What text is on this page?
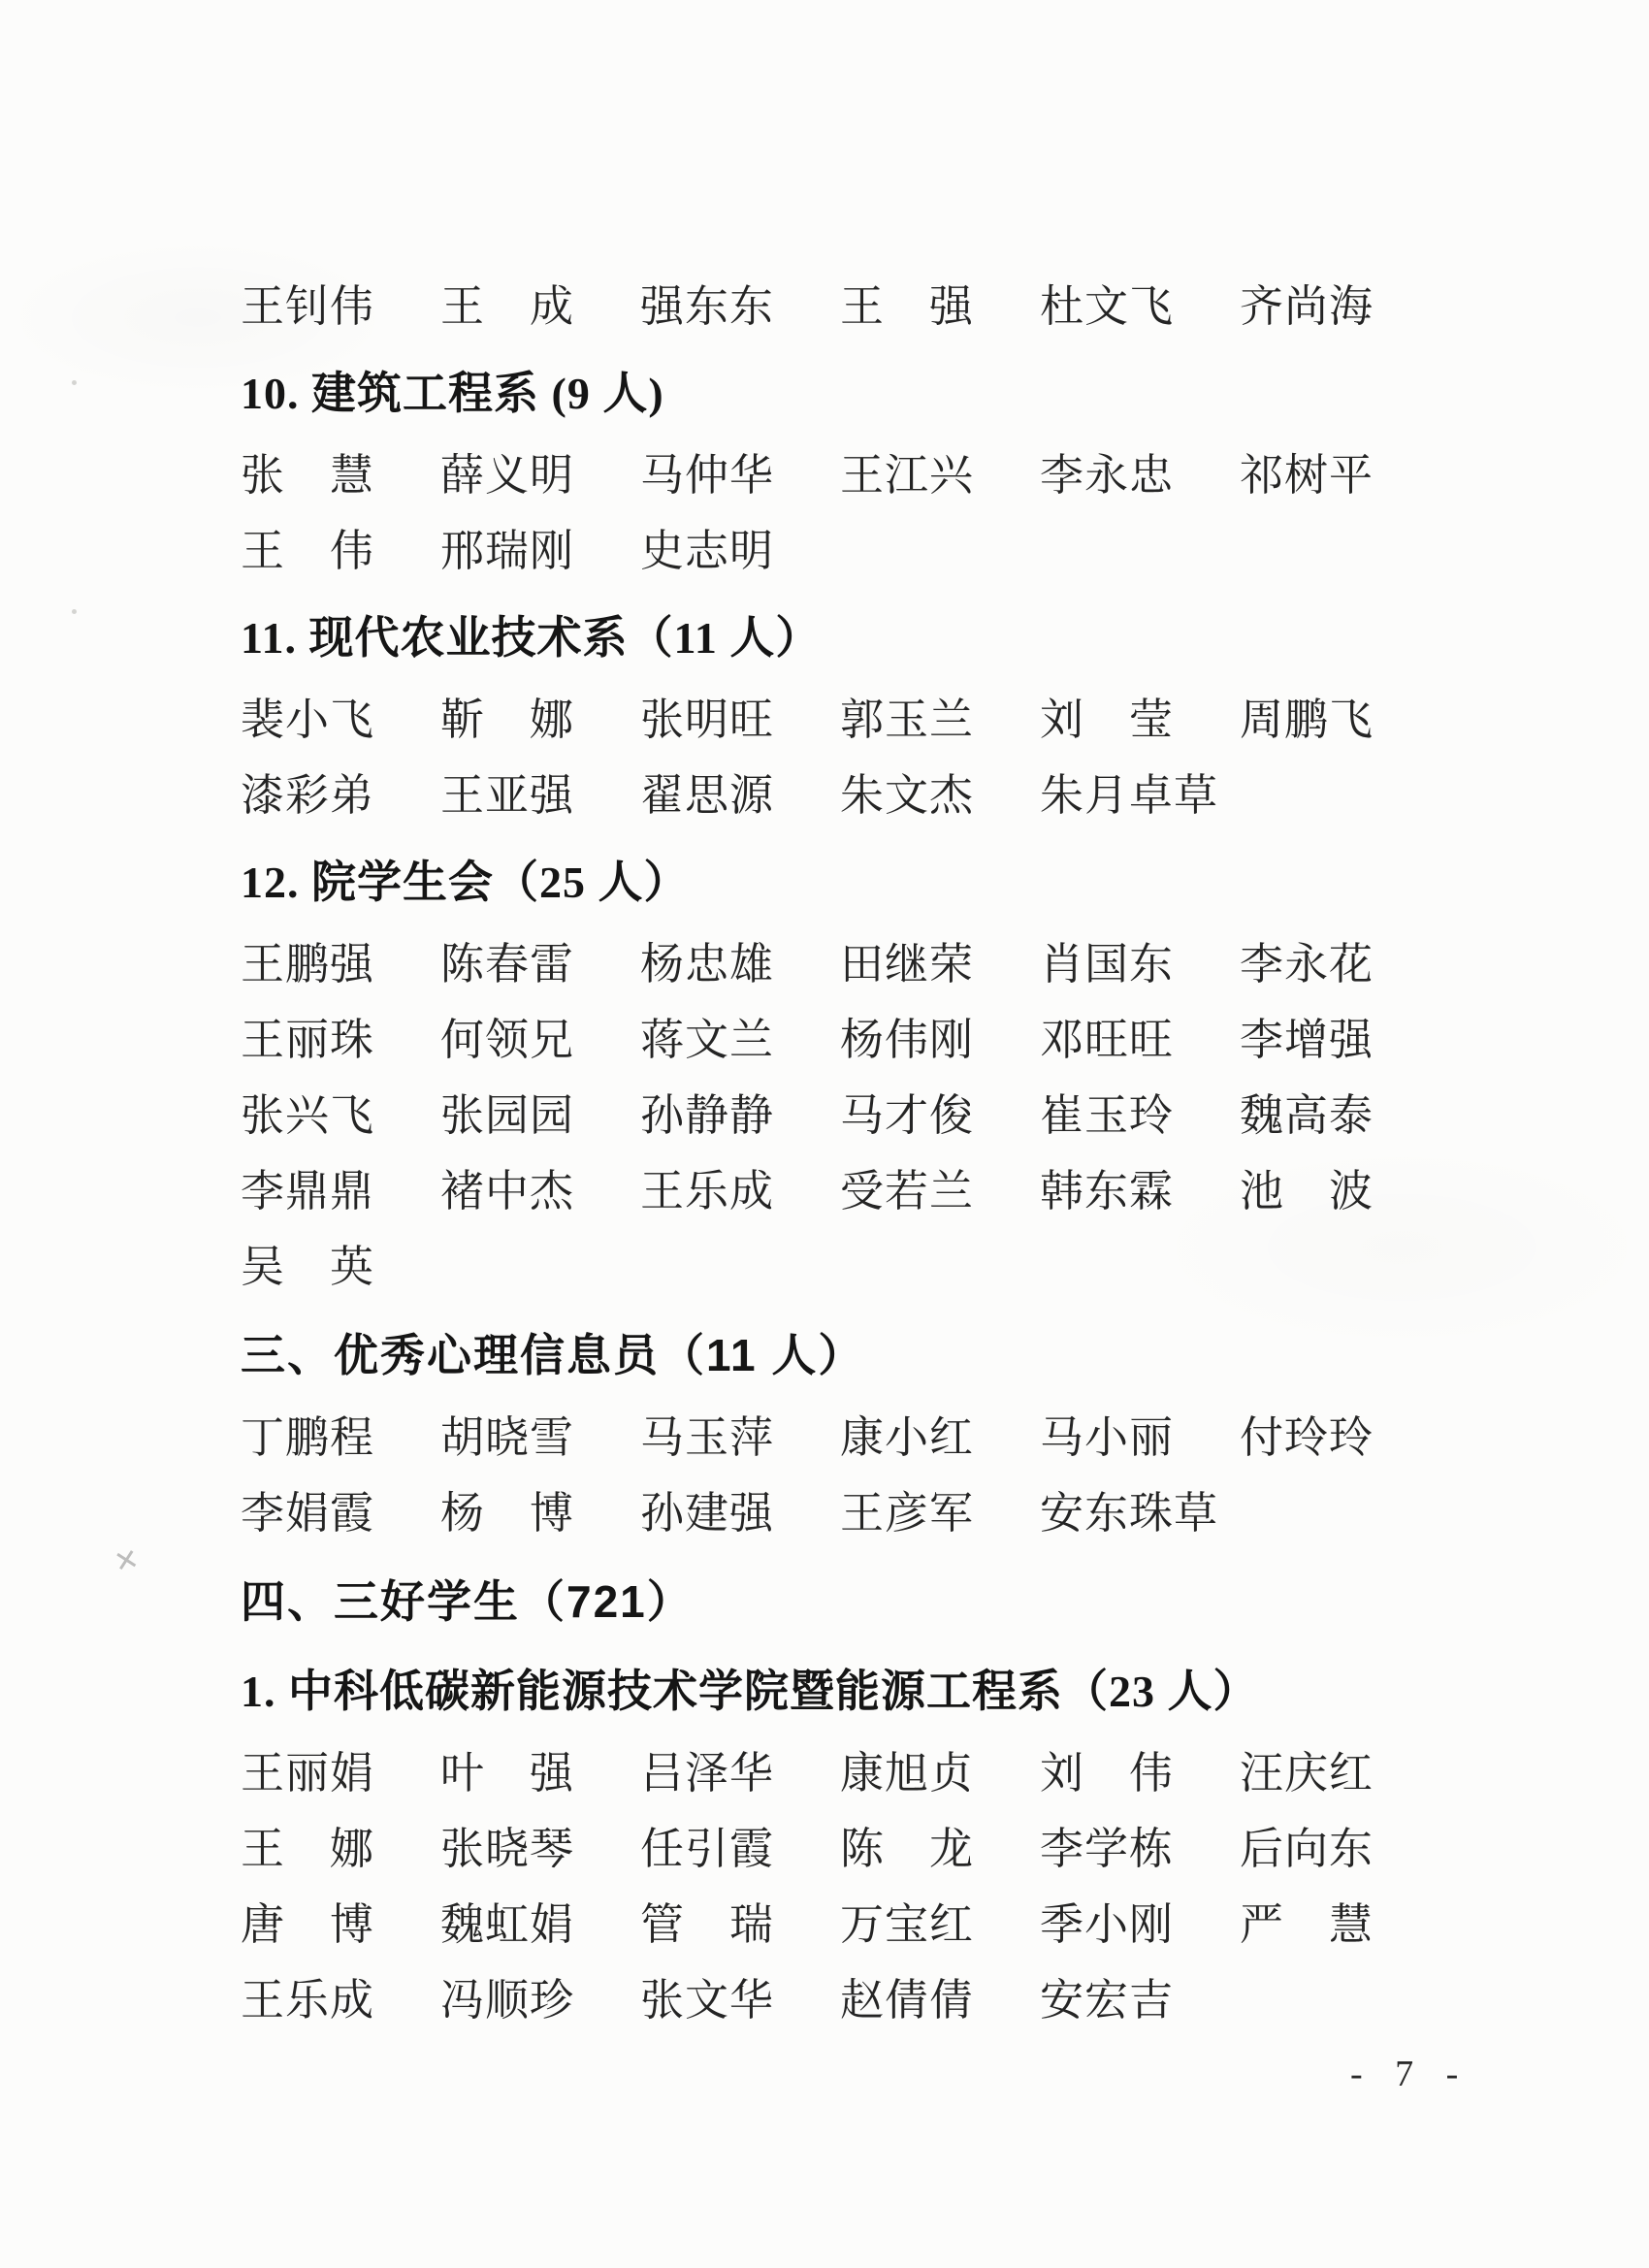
王钊伟	王　成	强东东	王　强	杜文飞	齐尚海
10. 建筑工程系 (9 人)
张　慧	薛义明	马仲华	王江兴	李永忠	祁树平
王　伟	邢瑞刚	史志明
11. 现代农业技术系（11 人）
裴小飞	靳　娜	张明旺	郭玉兰	刘　莹	周鹏飞
漆彩弟	王亚强	翟思源	朱文杰	朱月卓草
12. 院学生会（25 人）
王鹏强	陈春雷	杨忠雄	田继荣	肖国东	李永花
王丽珠	何领兄	蒋文兰	杨伟刚	邓旺旺	李增强
张兴飞	张园园	孙静静	马才俊	崔玉玲	魏高泰
李鼎鼎	褚中杰	王乐成	受若兰	韩东霖	池　波
吴　英
三、优秀心理信息员（11 人）
丁鹏程	胡晓雪	马玉萍	康小红	马小丽	付玲玲
李娟霞	杨　博	孙建强	王彦军	安东珠草
四、三好学生（721）
1. 中科低碳新能源技术学院暨能源工程系（23 人）
王丽娟	叶　强	吕泽华	康旭贞	刘　伟	汪庆红
王　娜	张晓琴	任引霞	陈　龙	李学栋	后向东
唐　博	魏虹娟	管　瑞	万宝红	季小刚	严　慧
王乐成	冯顺珍	张文华	赵倩倩	安宏吉
✕
- 7 -
